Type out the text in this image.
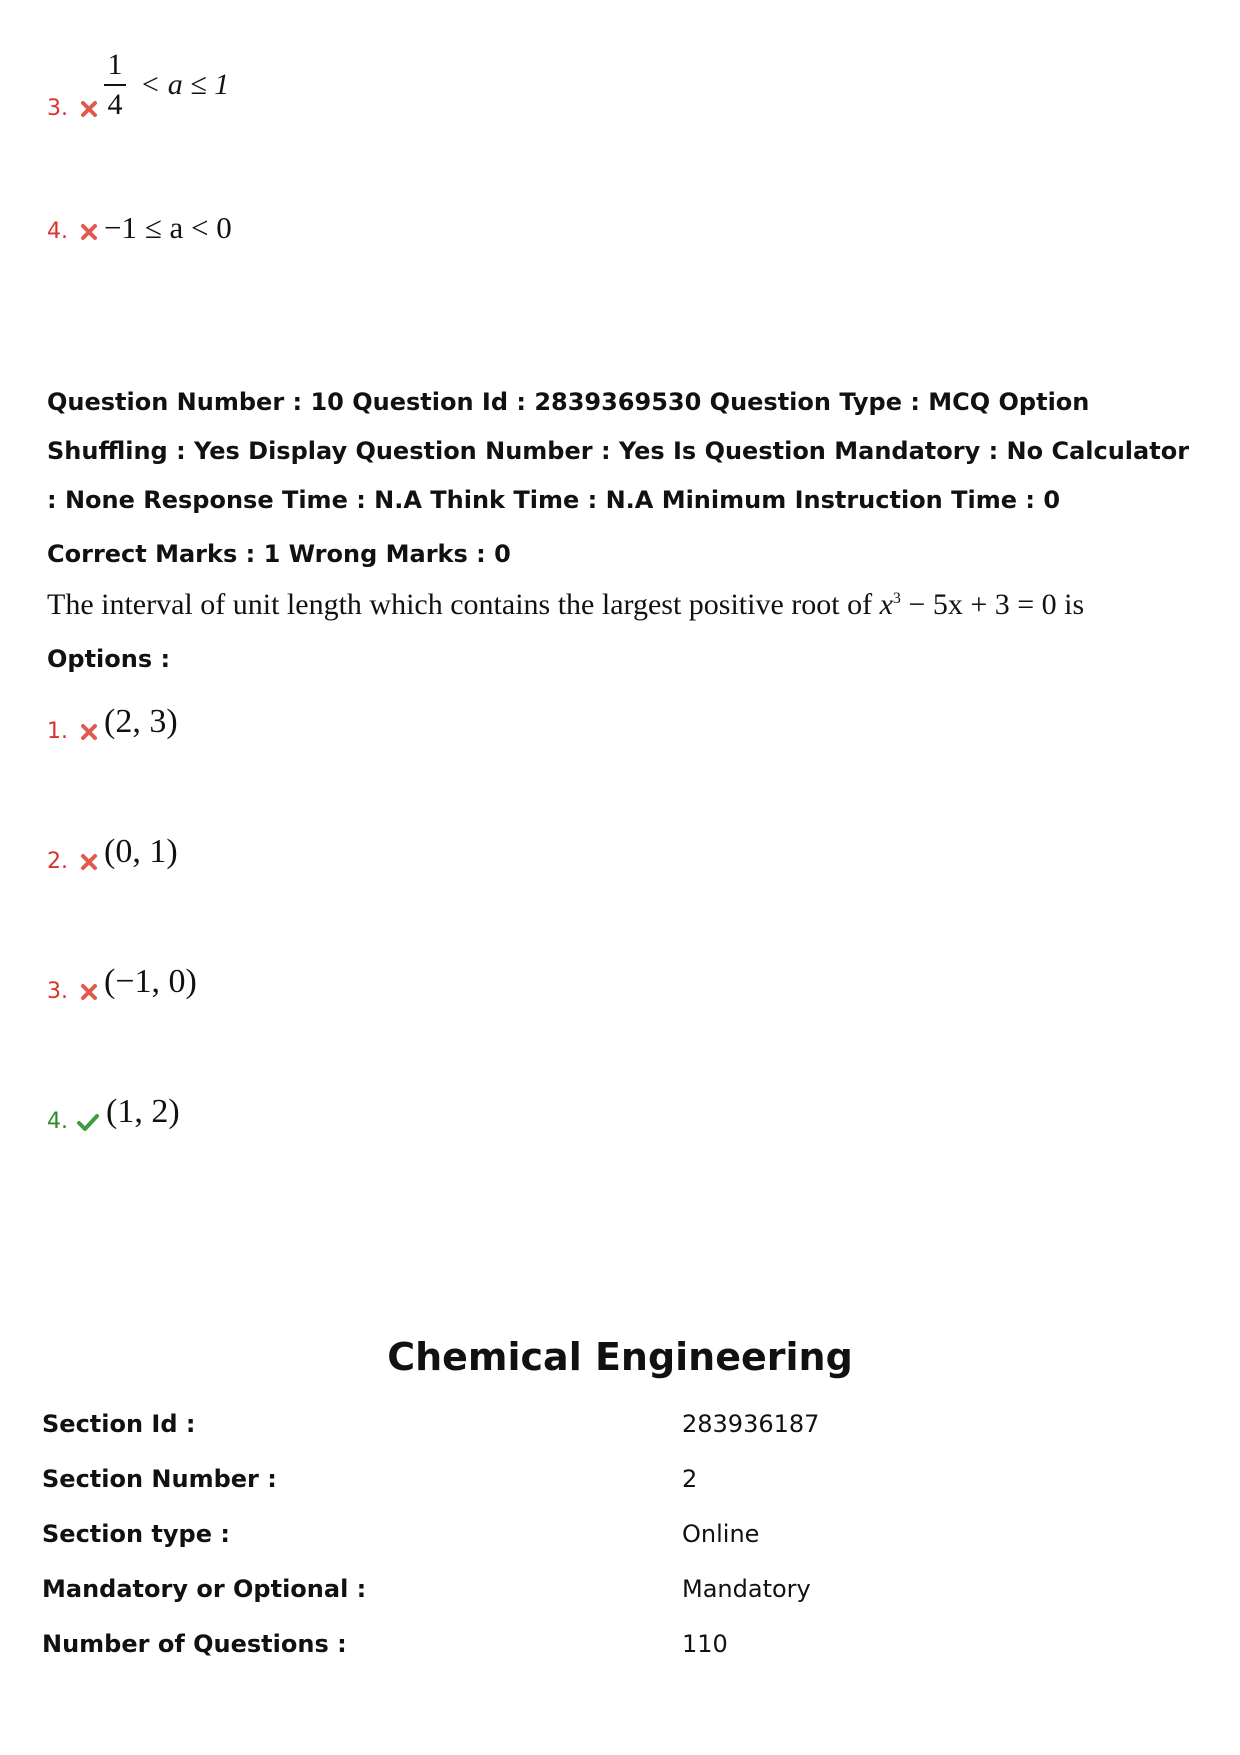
3. $\frac{1}{4} < a \le 1$
4. −1 ≤ a < 0
Question Number : 10 Question Id : 2839369530 Question Type : MCQ Option Shuffling : Yes Display Question Number : Yes Is Question Mandatory : No Calculator : None Response Time : N.A Think Time : N.A Minimum Instruction Time : 0
Correct Marks : 1 Wrong Marks : 0
The interval of unit length which contains the largest positive root of $x^3 - 5x + 3 = 0$ is
Options :
1. (2, 3)
2. (0, 1)
3. (−1, 0)
4. (1, 2)
Chemical Engineering
Section Id :	283936187
Section Number :	2
Section type :	Online
Mandatory or Optional :	Mandatory
Number of Questions :	110
